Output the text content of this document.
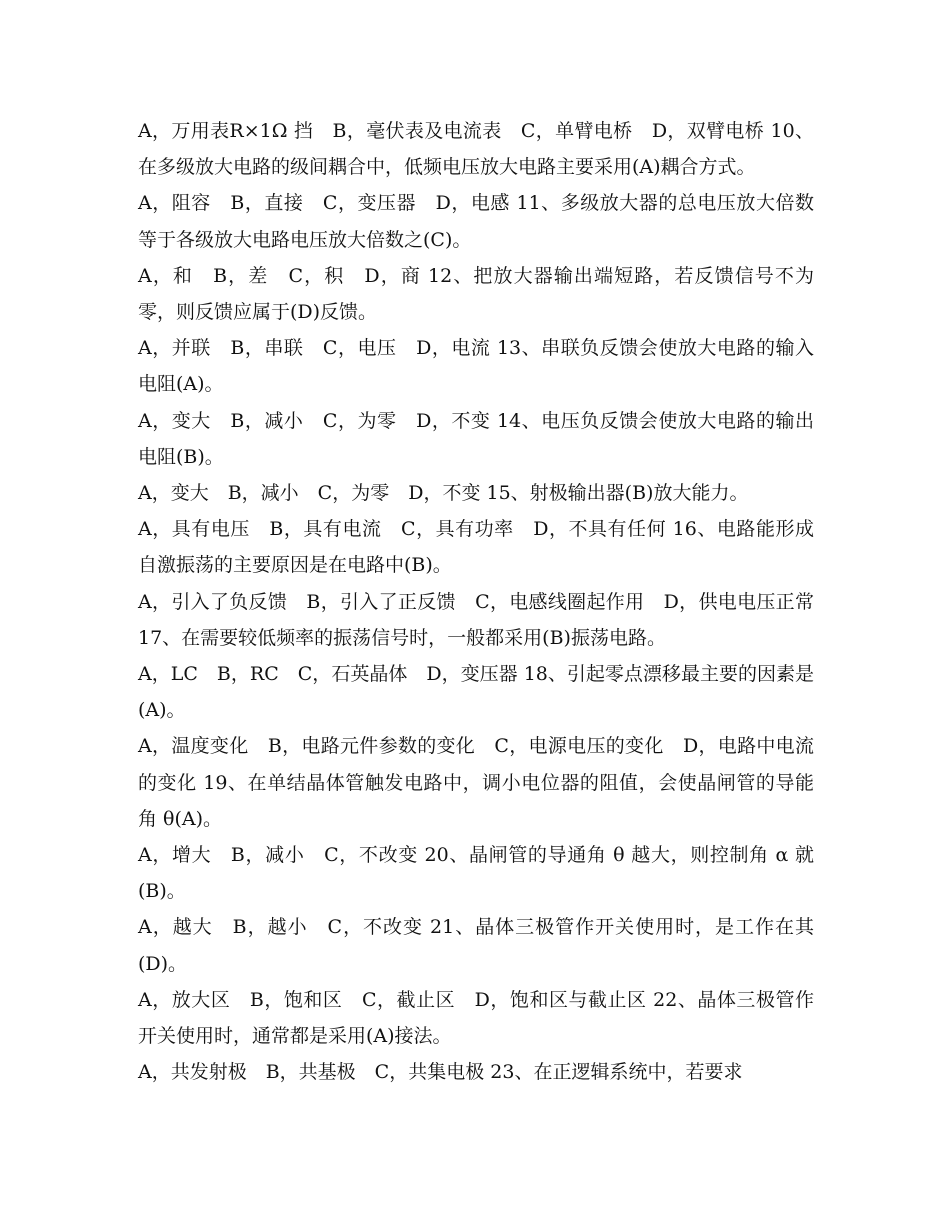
A，万用表R×1Ω 挡　B，毫伏表及电流表　C，单臂电桥　D，双臂电桥 10、在多级放大电路的级间耦合中，低频电压放大电路主要采用(A)耦合方式。

A，阻容　B，直接　C，变压器　D，电感 11、多级放大器的总电压放大倍数等于各级放大电路电压放大倍数之(C)。

A，和　B，差　C，积　D，商 12、把放大器输出端短路，若反馈信号不为零，则反馈应属于(D)反馈。

A，并联　B，串联　C，电压　D，电流 13、串联负反馈会使放大电路的输入电阻(A)。

A，变大　B，减小　C，为零　D，不变 14、电压负反馈会使放大电路的输出电阻(B)。

A，变大　B，减小　C，为零　D，不变 15、射极输出器(B)放大能力。

A，具有电压　B，具有电流　C，具有功率　D，不具有任何 16、电路能形成自激振荡的主要原因是在电路中(B)。

A，引入了负反馈　B，引入了正反馈　C，电感线圈起作用　D，供电电压正常 17、在需要较低频率的振荡信号时，一般都采用(B)振荡电路。

A，LC　B，RC　C，石英晶体　D，变压器 18、引起零点漂移最主要的因素是(A)。

A，温度变化　B，电路元件参数的变化　C，电源电压的变化　D，电路中电流的变化 19、在单结晶体管触发电路中，调小电位器的阻值，会使晶闸管的导能角 θ(A)。

A，增大　B，减小　C，不改变 20、晶闸管的导通角 θ 越大，则控制角 α 就(B)。

A，越大　B，越小　C，不改变 21、晶体三极管作开关使用时，是工作在其(D)。

A，放大区　B，饱和区　C，截止区　D，饱和区与截止区 22、晶体三极管作开关使用时，通常都是采用(A)接法。

A，共发射极　B，共基极　C，共集电极 23、在正逻辑系统中，若要求
